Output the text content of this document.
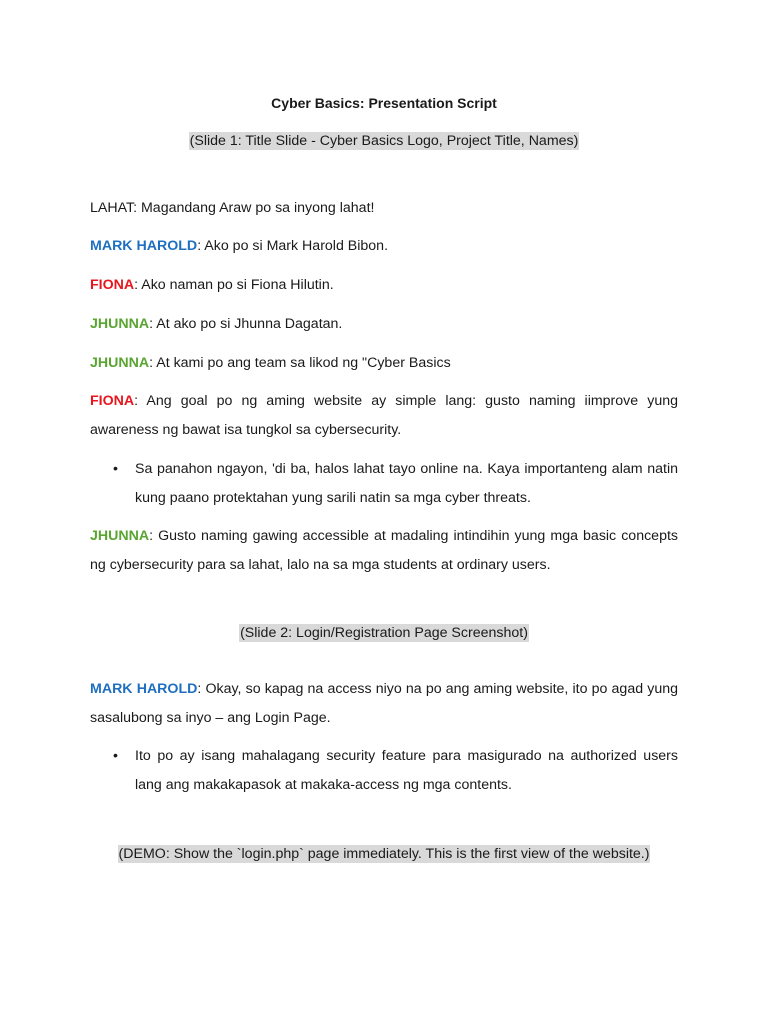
Cyber Basics: Presentation Script
(Slide 1: Title Slide - Cyber Basics Logo, Project Title, Names)
LAHAT: Magandang Araw po sa inyong lahat!
MARK HAROLD: Ako po si Mark Harold Bibon.
FIONA: Ako naman po si Fiona Hilutin.
JHUNNA: At ako po si Jhunna Dagatan.
JHUNNA: At kami po ang team sa likod ng "Cyber Basics
FIONA: Ang goal po ng aming website ay simple lang: gusto naming iimprove yung awareness ng bawat isa tungkol sa cybersecurity.
• Sa panahon ngayon, 'di ba, halos lahat tayo online na. Kaya importanteng alam natin kung paano protektahan yung sarili natin sa mga cyber threats.
JHUNNA: Gusto naming gawing accessible at madaling intindihin yung mga basic concepts ng cybersecurity para sa lahat, lalo na sa mga students at ordinary users.
(Slide 2: Login/Registration Page Screenshot)
MARK HAROLD: Okay, so kapag na access niyo na po ang aming website, ito po agad yung sasalubong sa inyo – ang Login Page.
• Ito po ay isang mahalagang security feature para masigurado na authorized users lang ang makakapasok at makaka-access ng mga contents.
(DEMO: Show the `login.php` page immediately. This is the first view of the website.)
